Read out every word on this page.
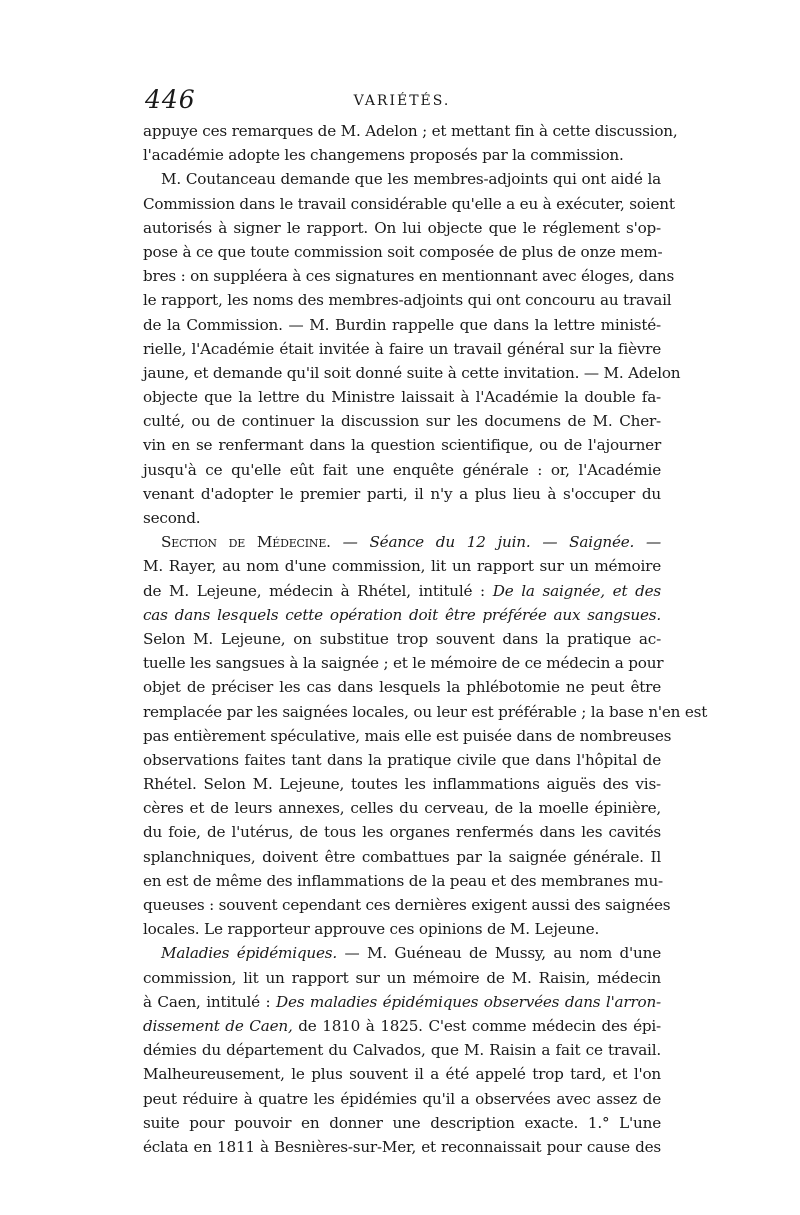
446	VARIÉTÉS.
appuye ces remarques de M. Adelon ; et mettant fin à cette discussion,
l'académie adopte les changemens proposés par la commission.
M. Coutanceau demande que les membres-adjoints qui ont aidé la
Commission dans le travail considérable qu'elle a eu à exécuter, soient
autorisés à signer le rapport. On lui objecte que le réglement s'op-
pose à ce que toute commission soit composée de plus de onze mem-
bres : on suppléera à ces signatures en mentionnant avec éloges, dans
le rapport, les noms des membres-adjoints qui ont concouru au travail
de la Commission. — M. Burdin rappelle que dans la lettre ministé-
rielle, l'Académie était invitée à faire un travail général sur la fièvre
jaune, et demande qu'il soit donné suite à cette invitation. — M. Adelon
objecte que la lettre du Ministre laissait à l'Académie la double fa-
culté, ou de continuer la discussion sur les documens de M. Cher-
vin en se renfermant dans la question scientifique, ou de l'ajourner
jusqu'à ce qu'elle eût fait une enquête générale : or, l'Académie
venant d'adopter le premier parti, il n'y a plus lieu à s'occuper du
second.
Section de Médecine. — Séance du 12 juin. — Saignée. —
M. Rayer, au nom d'une commission, lit un rapport sur un mémoire
de M. Lejeune, médecin à Rhétel, intitulé : De la saignée, et des
cas dans lesquels cette opération doit être préférée aux sangsues.
Selon M. Lejeune, on substitue trop souvent dans la pratique ac-
tuelle les sangsues à la saignée ; et le mémoire de ce médecin a pour
objet de préciser les cas dans lesquels la phlébotomie ne peut être
remplacée par les saignées locales, ou leur est préférable ; la base n'en est
pas entièrement spéculative, mais elle est puisée dans de nombreuses
observations faites tant dans la pratique civile que dans l'hôpital de
Rhétel. Selon M. Lejeune, toutes les inflammations aiguës des vis-
cères et de leurs annexes, celles du cerveau, de la moelle épinière,
du foie, de l'utérus, de tous les organes renfermés dans les cavités
splanchniques, doivent être combattues par la saignée générale. Il
en est de même des inflammations de la peau et des membranes mu-
queuses : souvent cependant ces dernières exigent aussi des saignées
locales. Le rapporteur approuve ces opinions de M. Lejeune.
Maladies épidémiques. — M. Guéneau de Mussy, au nom d'une
commission, lit un rapport sur un mémoire de M. Raisin, médecin
à Caen, intitulé : Des maladies épidémiques observées dans l'arron-
dissement de Caen, de 1810 à 1825. C'est comme médecin des épi-
démies du département du Calvados, que M. Raisin a fait ce travail.
Malheureusement, le plus souvent il a été appelé trop tard, et l'on
peut réduire à quatre les épidémies qu'il a observées avec assez de
suite pour pouvoir en donner une description exacte. 1.° L'une
éclata en 1811 à Besnières-sur-Mer, et reconnaissait pour cause des
